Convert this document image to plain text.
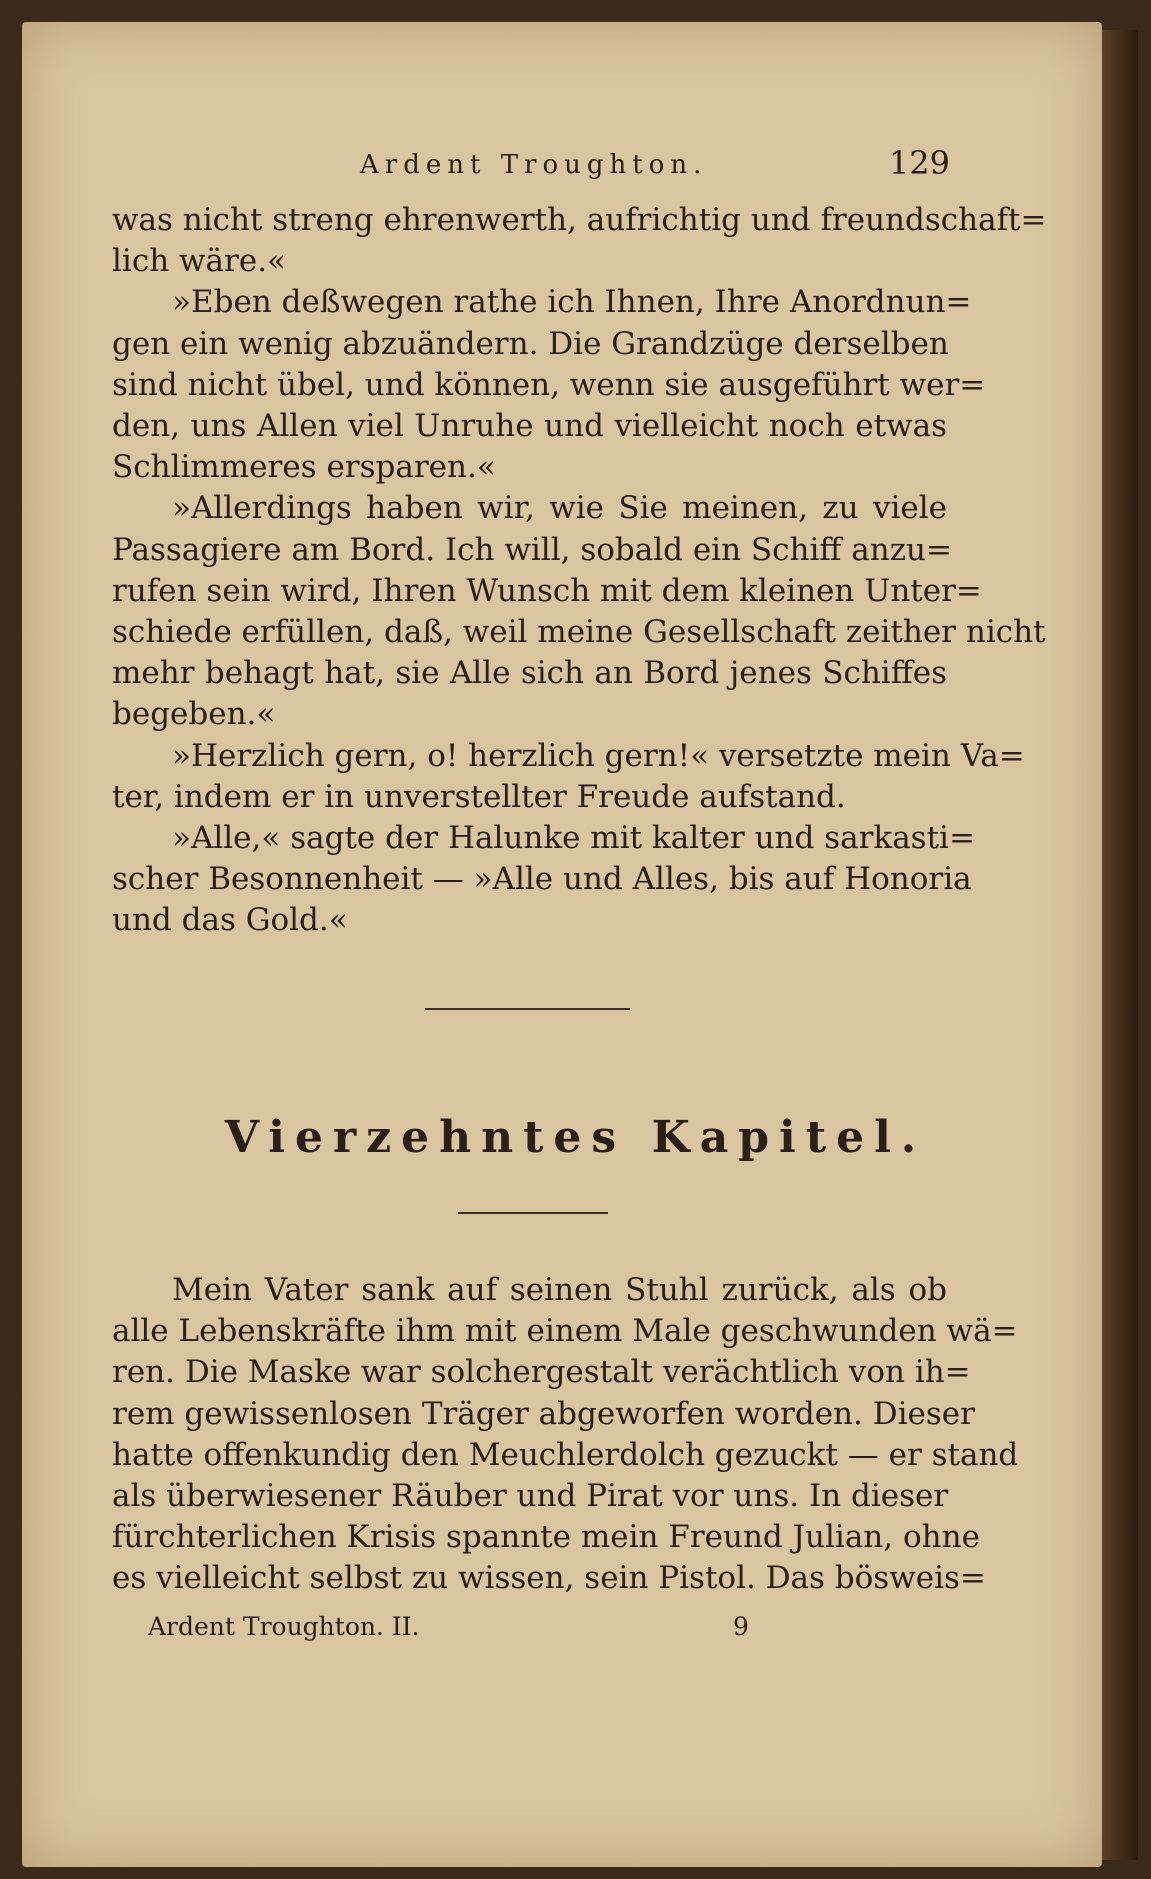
Ardent Troughton.	129
was nicht streng ehrenwerth, aufrichtig und freundschaft=
lich wäre.«
»Eben deßwegen rathe ich Ihnen, Ihre Anordnun=
gen ein wenig abzuändern. Die Grandzüge derselben
sind nicht übel, und können, wenn sie ausgeführt wer=
den, uns Allen viel Unruhe und vielleicht noch etwas
Schlimmeres ersparen.«
»Allerdings haben wir, wie Sie meinen, zu viele
Passagiere am Bord. Ich will, sobald ein Schiff anzu=
rufen sein wird, Ihren Wunsch mit dem kleinen Unter=
schiede erfüllen, daß, weil meine Gesellschaft zeither nicht
mehr behagt hat, sie Alle sich an Bord jenes Schiffes
begeben.«
»Herzlich gern, o! herzlich gern!« versetzte mein Va=
ter, indem er in unverstellter Freude aufstand.
»Alle,« sagte der Halunke mit kalter und sarkasti=
scher Besonnenheit — »Alle und Alles, bis auf Honoria
und das Gold.«
Vierzehntes Kapitel.
Mein Vater sank auf seinen Stuhl zurück, als ob
alle Lebenskräfte ihm mit einem Male geschwunden wä=
ren. Die Maske war solchergestalt verächtlich von ih=
rem gewissenlosen Träger abgeworfen worden. Dieser
hatte offenkundig den Meuchlerdolch gezuckt — er stand
als überwiesener Räuber und Pirat vor uns. In dieser
fürchterlichen Krisis spannte mein Freund Julian, ohne
es vielleicht selbst zu wissen, sein Pistol. Das bösweis=
Ardent Troughton. II.	9
